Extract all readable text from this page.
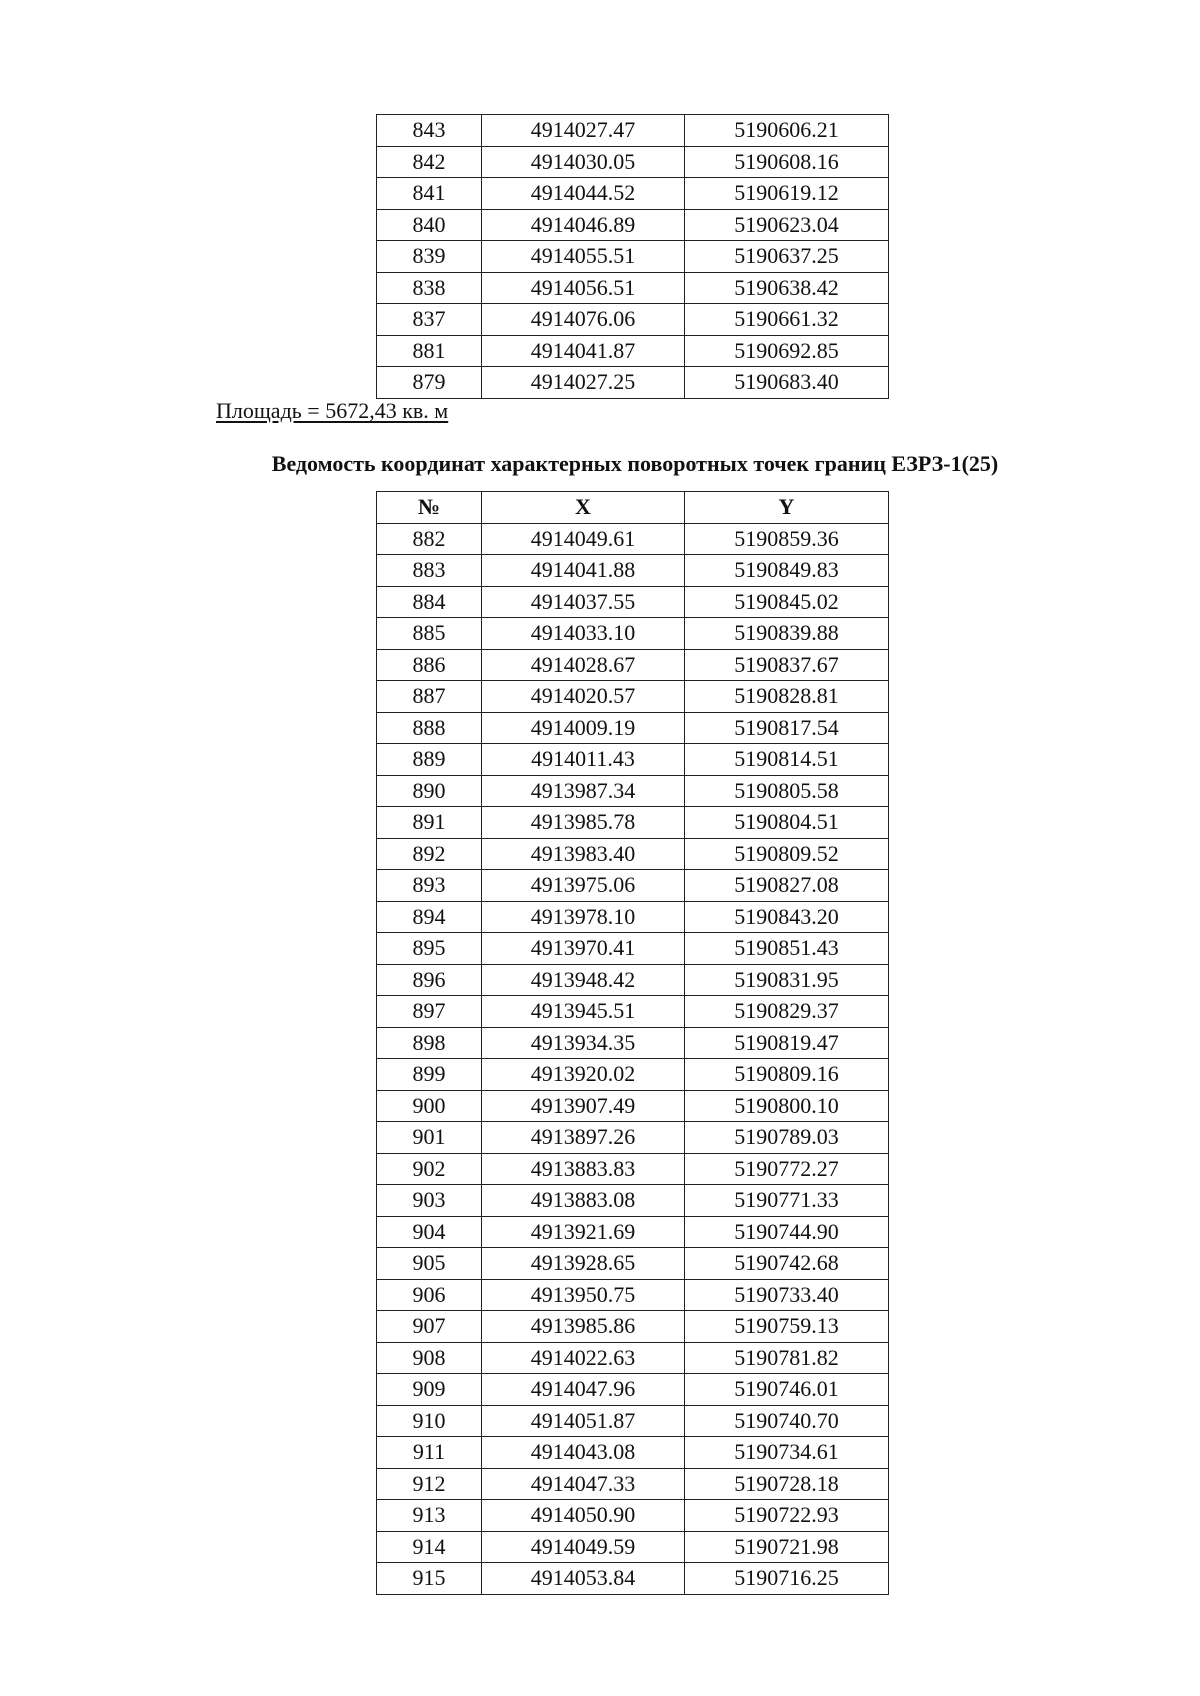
843	4914027.47	5190606.21
842	4914030.05	5190608.16
841	4914044.52	5190619.12
840	4914046.89	5190623.04
839	4914055.51	5190637.25
838	4914056.51	5190638.42
837	4914076.06	5190661.32
881	4914041.87	5190692.85
879	4914027.25	5190683.40
Площадь = 5672,43 кв. м
Ведомость координат характерных поворотных точек границ ЕЗРЗ-1(25)
№	X	Y
882	4914049.61	5190859.36
883	4914041.88	5190849.83
884	4914037.55	5190845.02
885	4914033.10	5190839.88
886	4914028.67	5190837.67
887	4914020.57	5190828.81
888	4914009.19	5190817.54
889	4914011.43	5190814.51
890	4913987.34	5190805.58
891	4913985.78	5190804.51
892	4913983.40	5190809.52
893	4913975.06	5190827.08
894	4913978.10	5190843.20
895	4913970.41	5190851.43
896	4913948.42	5190831.95
897	4913945.51	5190829.37
898	4913934.35	5190819.47
899	4913920.02	5190809.16
900	4913907.49	5190800.10
901	4913897.26	5190789.03
902	4913883.83	5190772.27
903	4913883.08	5190771.33
904	4913921.69	5190744.90
905	4913928.65	5190742.68
906	4913950.75	5190733.40
907	4913985.86	5190759.13
908	4914022.63	5190781.82
909	4914047.96	5190746.01
910	4914051.87	5190740.70
911	4914043.08	5190734.61
912	4914047.33	5190728.18
913	4914050.90	5190722.93
914	4914049.59	5190721.98
915	4914053.84	5190716.25
